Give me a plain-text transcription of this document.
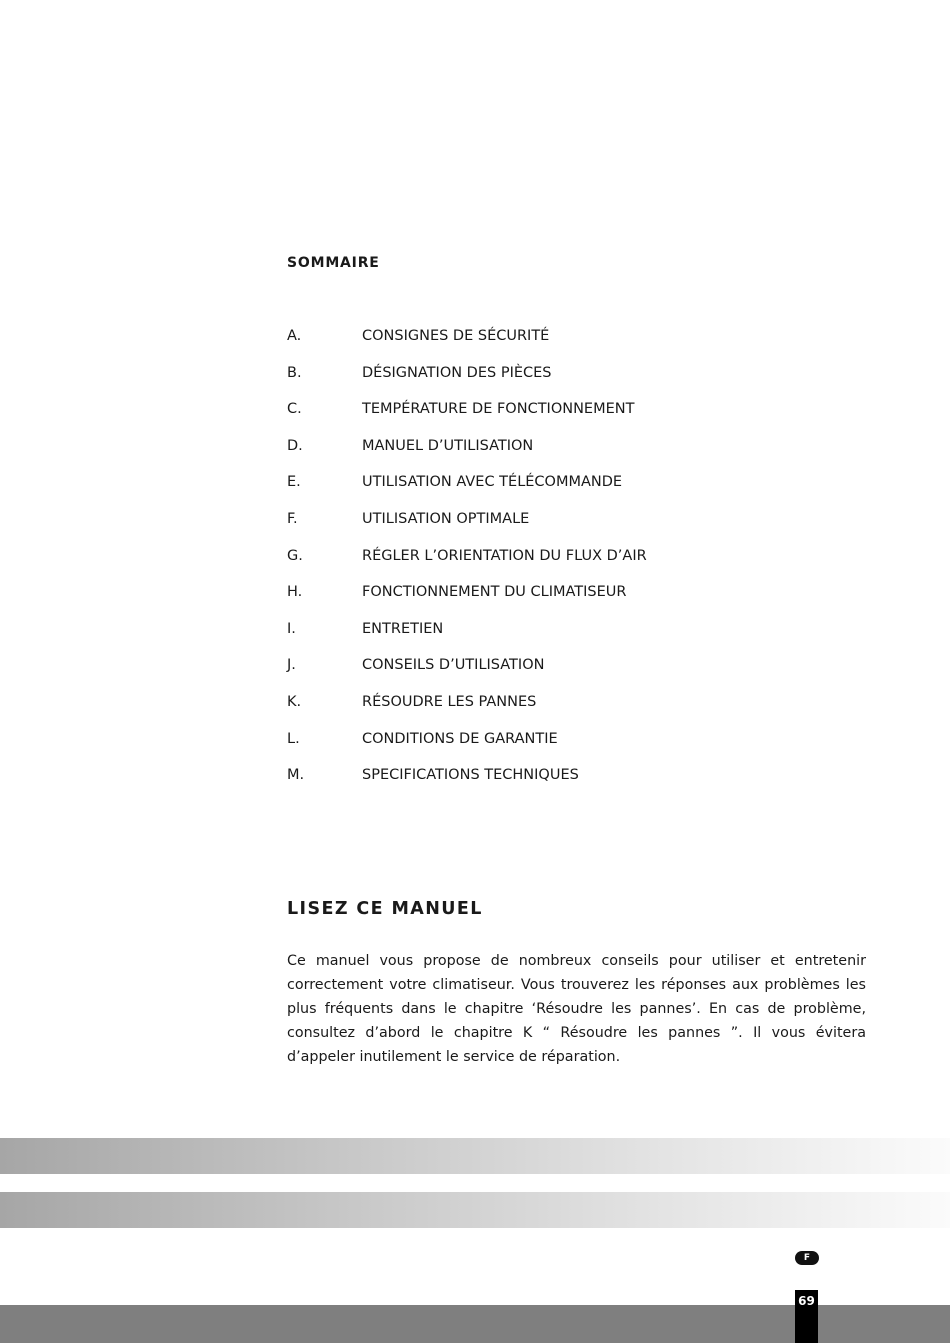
SOMMAIRE
A.	CONSIGNES DE SÉCURITÉ
B.	DÉSIGNATION DES PIÈCES
C.	TEMPÉRATURE DE FONCTIONNEMENT
D.	MANUEL D’UTILISATION
E.	UTILISATION AVEC TÉLÉCOMMANDE
F.	UTILISATION OPTIMALE
G.	RÉGLER L’ORIENTATION DU FLUX D’AIR
H.	FONCTIONNEMENT DU CLIMATISEUR
I.	ENTRETIEN
J.	CONSEILS D’UTILISATION
K.	RÉSOUDRE LES PANNES
L.	CONDITIONS DE GARANTIE
M.	SPECIFICATIONS TECHNIQUES
LISEZ CE MANUEL

Ce manuel vous propose de nombreux conseils pour utiliser et entretenir correctement votre climatiseur. Vous trouverez les réponses aux problèmes les plus fréquents dans le chapitre ‘Résoudre les pannes’. En cas de problème, consultez d’abord le chapitre K “ Résoudre les pannes ”. Il vous évitera d’appeler inutilement le service de réparation.

F
69
